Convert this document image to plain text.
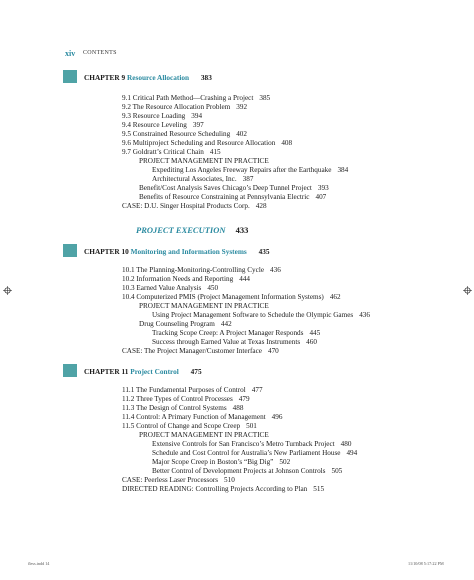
xiv CONTENTS
CHAPTER 9 Resource Allocation 383
9.1 Critical Path Method—Crashing a Project 385
9.2 The Resource Allocation Problem 392
9.3 Resource Loading 394
9.4 Resource Leveling 397
9.5 Constrained Resource Scheduling 402
9.6 Multiproject Scheduling and Resource Allocation 408
9.7 Goldratt’s Critical Chain 415
PROJECT MANAGEMENT IN PRACTICE
Expediting Los Angeles Freeway Repairs after the Earthquake 384
Architectural Associates, Inc. 387
Benefit/Cost Analysis Saves Chicago’s Deep Tunnel Project 393
Benefits of Resource Constraining at Pennsylvania Electric 407
CASE: D.U. Singer Hospital Products Corp. 428
PROJECT EXECUTION 433
CHAPTER 10 Monitoring and Information Systems 435
10.1 The Planning-Monitoring-Controlling Cycle 436
10.2 Information Needs and Reporting 444
10.3 Earned Value Analysis 450
10.4 Computerized PMIS (Project Management Information Systems) 462
PROJECT MANAGEMENT IN PRACTICE
Using Project Management Software to Schedule the Olympic Games 436
Drug Counseling Program 442
Tracking Scope Creep: A Project Manager Responds 445
Success through Earned Value at Texas Instruments 460
CASE: The Project Manager/Customer Interface 470
CHAPTER 11 Project Control 475
11.1 The Fundamental Purposes of Control 477
11.2 Three Types of Control Processes 479
11.3 The Design of Control Systems 488
11.4 Control: A Primary Function of Management 496
11.5 Control of Change and Scope Creep 501
PROJECT MANAGEMENT IN PRACTICE
Extensive Controls for San Francisco’s Metro Turnback Project 480
Schedule and Cost Control for Australia’s New Parliament House 494
Major Scope Creep in Boston’s “Big Dig” 502
Better Control of Development Projects at Johnson Controls 505
CASE: Peerless Laser Processors 510
DIRECTED READING: Controlling Projects According to Plan 515
fless.indd 14	11/10/08 5:17:22 PM
